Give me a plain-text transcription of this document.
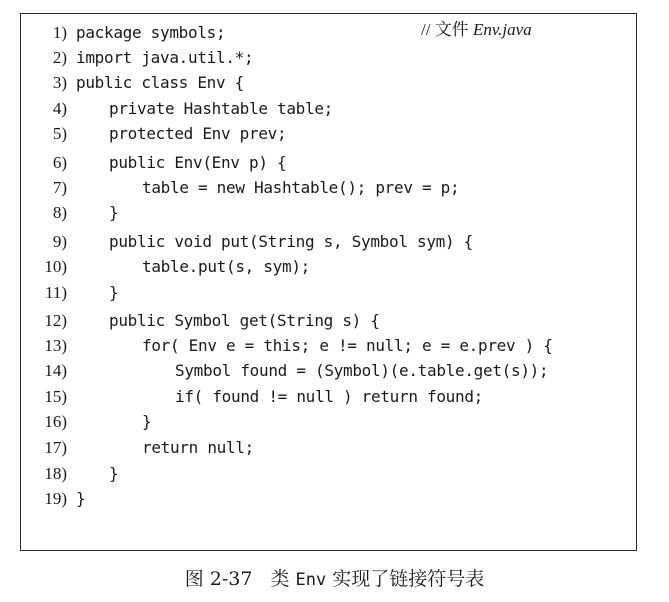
// 文件 Env.java
1) package symbols;
2) import java.util.*;
3) public class Env {
4)	private Hashtable table;
5)	protected Env prev;
6)	public Env(Env p) {
7)	table = new Hashtable(); prev = p;
8)	}
9)	public void put(String s, Symbol sym) {
10)	table.put(s, sym);
11)	}
12)	public Symbol get(String s) {
13)	for( Env e = this; e != null; e = e.prev ) {
14)	Symbol found = (Symbol)(e.table.get(s));
15)	if( found != null ) return found;
16)	}
17)	return null;
18)	}
19) }
图 2-37 类 Env 实现了链接符号表
